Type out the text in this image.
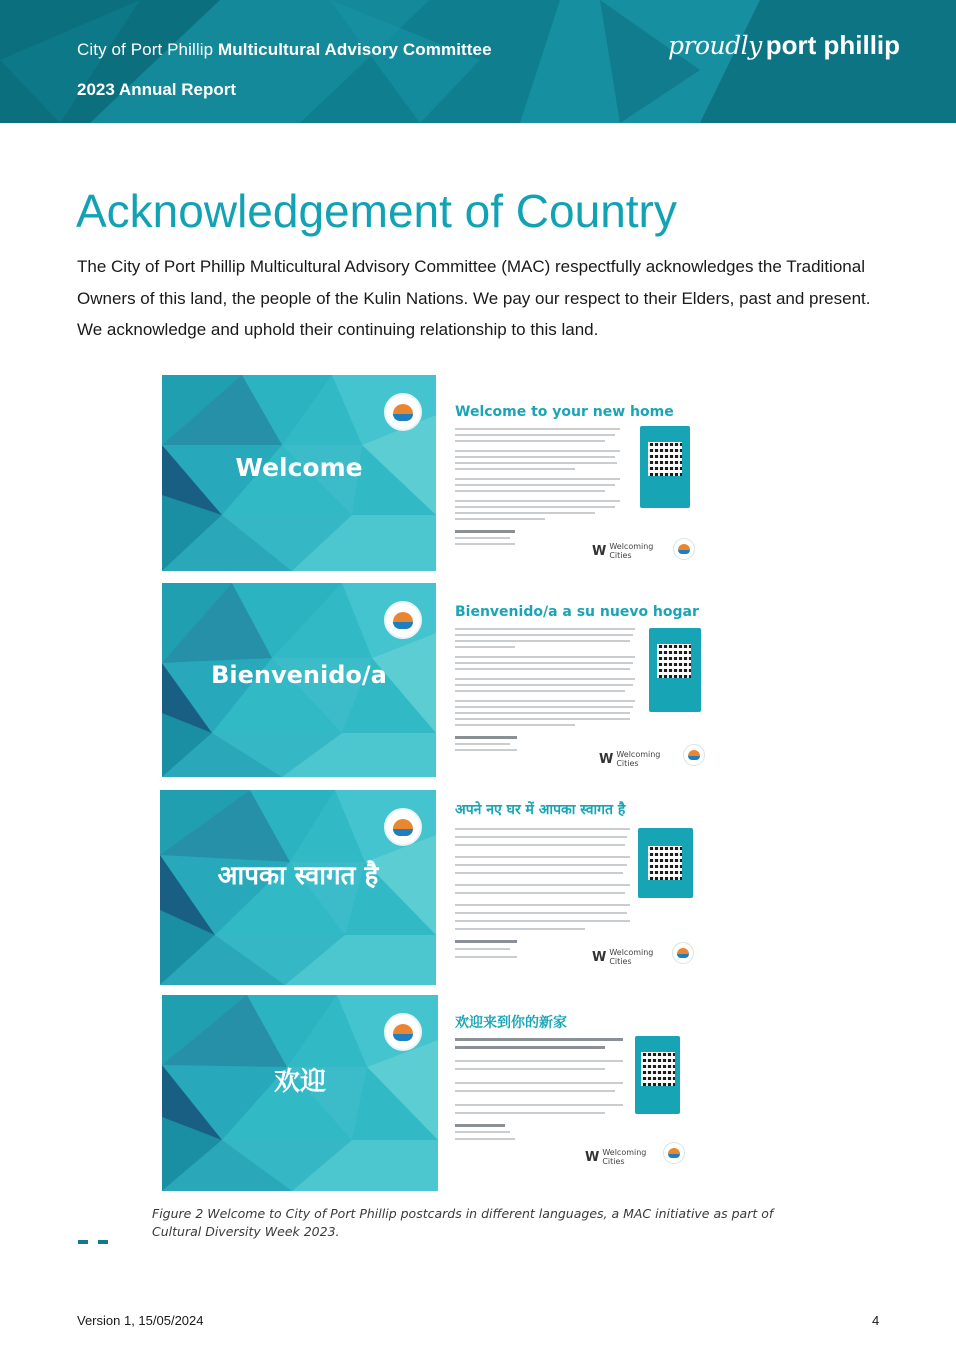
City of Port Phillip Multicultural Advisory Committee
2023 Annual Report
proudly port phillip
Acknowledgement of Country

The City of Port Phillip Multicultural Advisory Committee (MAC) respectfully acknowledges the Traditional Owners of this land, the people of the Kulin Nations. We pay our respect to their Elders, past and present. We acknowledge and uphold their continuing relationship to this land.

Welcome
Welcome to your new home
W Welcoming
Cities
Bienvenido/a
Bienvenido/a a su nuevo hogar
W Welcoming
Cities
आपका स्वागत है
अपने नए घर में आपका स्वागत है
W Welcoming
Cities
欢迎
欢迎来到你的新家
W Welcoming
Cities

Figure 2 Welcome to City of Port Phillip postcards in different languages, a MAC initiative as part of Cultural Diversity Week 2023.

Version 1, 15/05/2024	4
